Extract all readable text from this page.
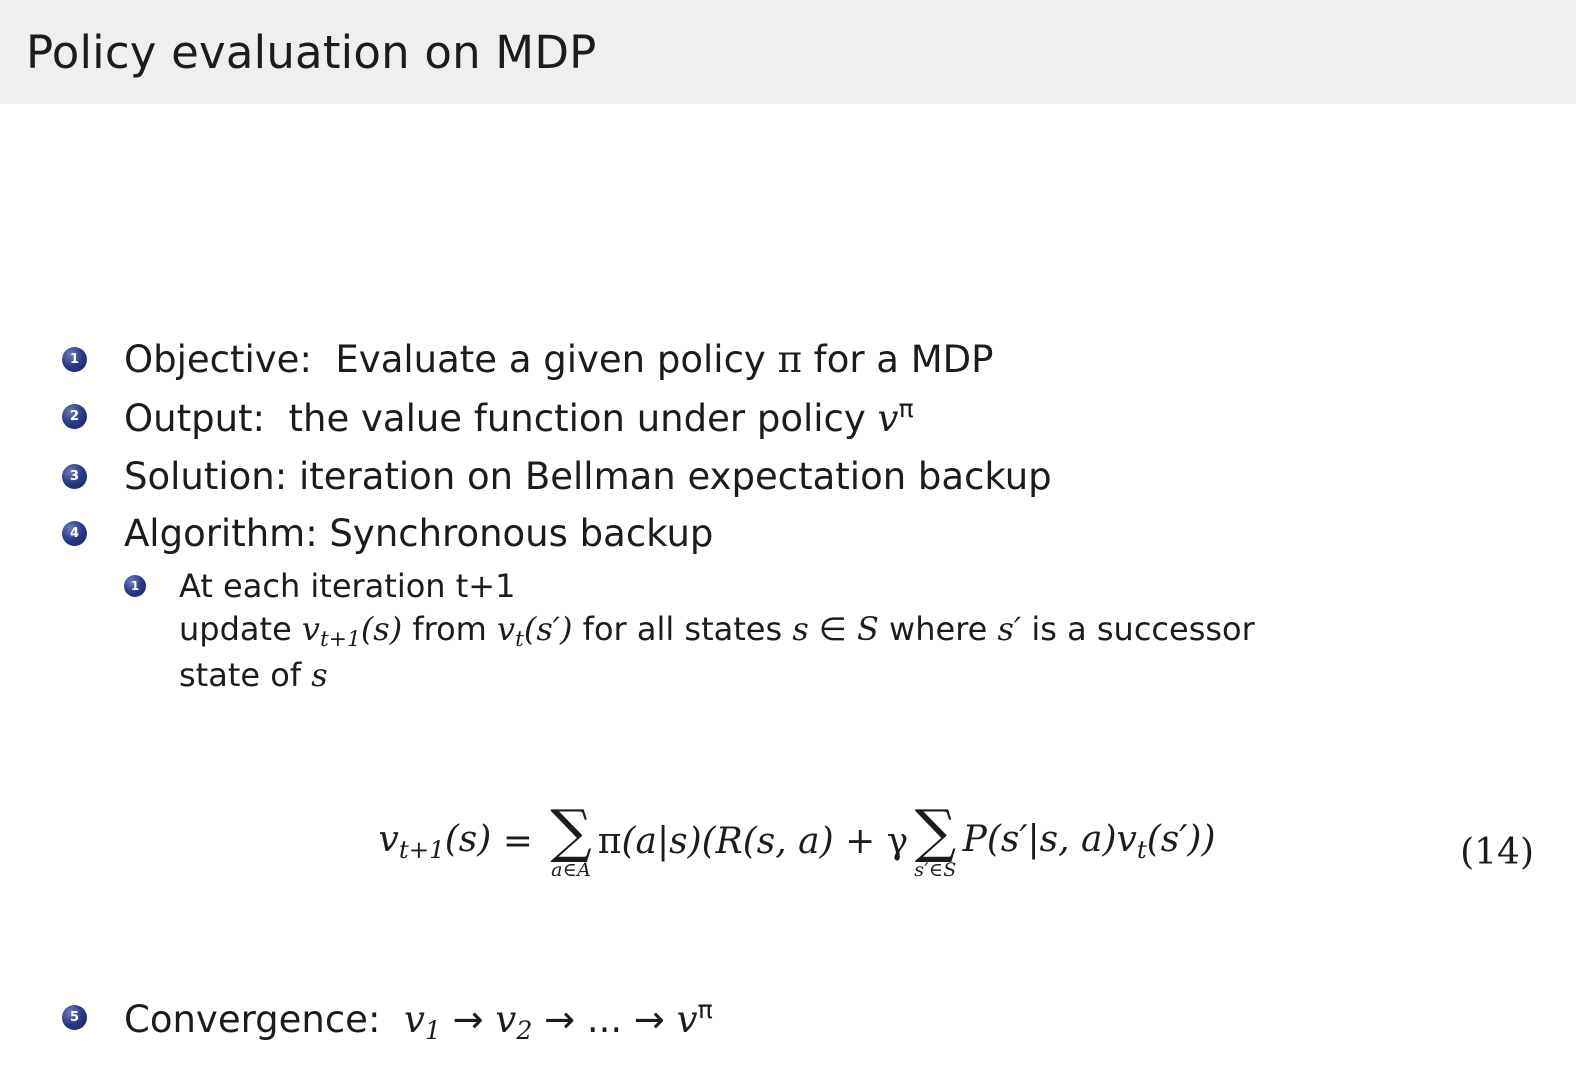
Policy evaluation on MDP
1 Objective:  Evaluate a given policy π for a MDP
2 Output:  the value function under policy $v^\pi$
3 Solution: iteration on Bellman expectation backup
4 Algorithm: Synchronous backup
1 At each iteration t+1
update $v_{t+1}(s)$ from $v_t(s')$ for all states s ∈ S where s′ is a successor
state of s
$v_{t+1}(s)$ = ∑
a∈A
π(a|s)(R(s, a) + γ ∑
s′∈S
P(s′|s, $a)v_t(s')$)	(14)
5 Convergence:  $v_1 \to v_2$ → ... → $v^\pi$
